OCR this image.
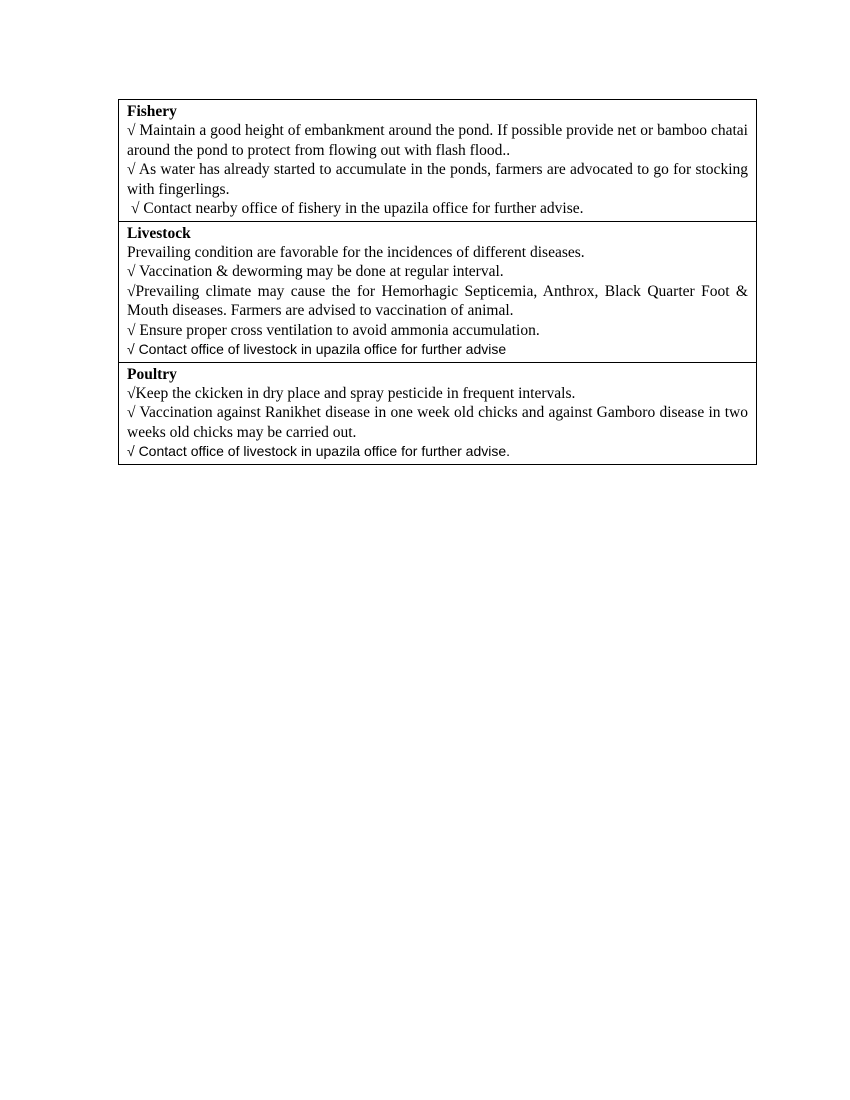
Fishery
√ Maintain a good height of embankment around the pond. If possible provide net or bamboo chatai around the pond to protect from flowing out with flash flood..
√ As water has already started to accumulate in the ponds, farmers are advocated to go for stocking with fingerlings.
√ Contact nearby office of fishery in the upazila office for further advise.
Livestock
Prevailing condition are favorable for the incidences of different diseases.
√ Vaccination & deworming may be done at regular interval.
√Prevailing climate may cause the for Hemorhagic Septicemia, Anthrox, Black Quarter Foot & Mouth diseases. Farmers are advised to vaccination of animal.
√ Ensure proper cross ventilation to avoid ammonia accumulation.
√ Contact office of livestock in upazila office for further advise
Poultry
√Keep the ckicken in dry place and spray pesticide in frequent intervals.
√ Vaccination against Ranikhet disease in one week old chicks and against Gamboro disease in two weeks old chicks may be carried out.
√ Contact office of livestock in upazila office for further advise.
